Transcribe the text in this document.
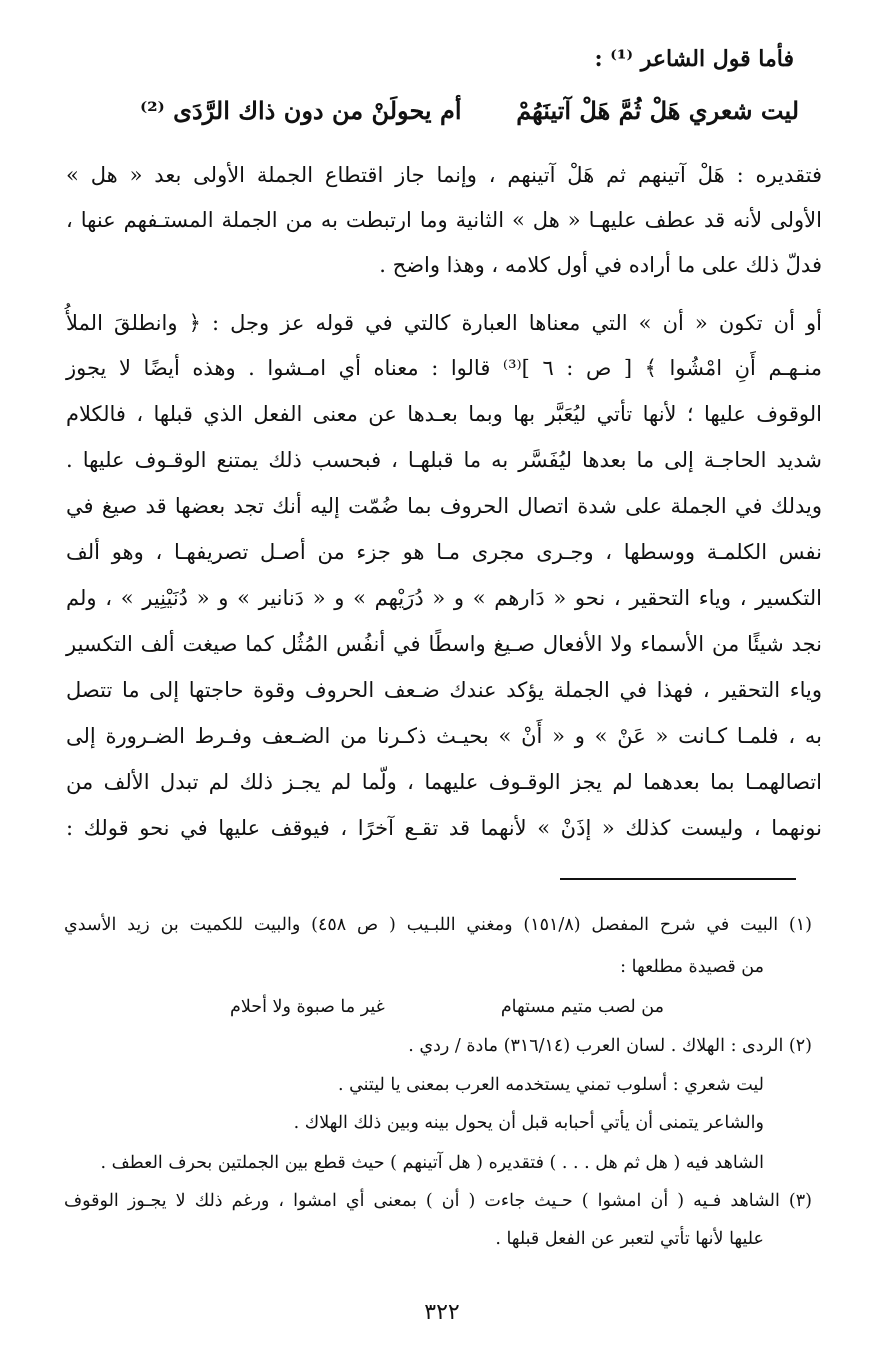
فأما قول الشاعر ⁽¹⁾ :
ليت شعري هَلْ ثُمَّ هَلْ آتينَهُمْ
أم يحولَنْ من دون ذاك الرَّدَى ⁽²⁾
فتقديره : هَلْ آتينهم ثم هَلْ آتينهم ، وإنما جاز اقتطاع الجملة الأولى بعد « هل »
الأولى لأنه قد عطف عليهـا « هل » الثانية وما ارتبطت به من الجملة المستـفهم عنها ،
فدلّ ذلك على ما أراده في أول كلامه ، وهذا واضح .
أو أن تكون « أن » التي معناها العبارة كالتي في قوله عز وجل : ﴿ وانطلقَ الملأُ
منـهـم أَنِ امْشُوا ﴾ [ ص : ٦ ]⁽³⁾ قالوا : معناه أي امـشوا . وهذه أيضًا لا يجوز
الوقوف عليها ؛ لأنها تأتي ليُعَبَّر بها وبما بعـدها عن معنى الفعل الذي قبلها ، فالكلام
شديد الحاجـة إلى ما بعدها ليُفَسَّر به ما قبلهـا ، فبحسب ذلك يمتنع الوقـوف عليها .
ويدلك في الجملة على شدة اتصال الحروف بما ضُمّت إليه أنك تجد بعضها قد صيغ في
نفس الكلمـة ووسطها ، وجـرى مجرى مـا هو جزء من أصـل تصريفهـا ، وهو ألف
التكسير ، وياء التحقير ، نحو « دَارهم » و « دُرَيْهم » و « دَنانير » و « دُنَيْنِير » ، ولم
نجد شيئًا من الأسماء ولا الأفعال صـيغ واسطًا في أنفُس المُثُل كما صيغت ألف التكسير
وياء التحقير ، فهذا في الجملة يؤكد عندك ضـعف الحروف وقوة حاجتها إلى ما تتصل
به ، فلمـا كـانت « عَنْ » و « أَنْ » بحيـث ذكـرنا من الضـعف وفـرط الضـرورة إلى
اتصالهمـا بما بعدهما لم يجز الوقـوف عليهما ، ولّما لم يجـز ذلك لم تبدل الألف من
نونهما ، وليست كذلك « إذَنْ » لأنهما قد تقـع آخرًا ، فيوقف عليها في نحو قولك :
(١) البيت في شرح المفصل (١٥١/٨) ومغني اللبـيب ( ص ٤٥٨) والبيت للكميت بن زيد الأسدي
من قصيدة مطلعها :
من لصب متيم مستهام
غير ما صبوة ولا أحلام
(٢) الردى : الهلاك . لسان العرب (٣١٦/١٤) مادة / ردي .
ليت شعري : أسلوب تمني يستخدمه العرب بمعنى يا ليتني .
والشاعر يتمنى أن يأتي أحبابه قبل أن يحول بينه وبين ذلك الهلاك .
الشاهد فيه ( هل ثم هل . . . ) فتقديره ( هل آتينهم ) حيث قطع بين الجملتين بحرف العطف .
(٣) الشاهد فـيه ( أن امشوا ) حـيث جاءت ( أن ) بمعنى أي امشوا ، ورغم ذلك لا يجـوز الوقوف
عليها لأنها تأتي لتعبر عن الفعل قبلها .
٣٢٢
